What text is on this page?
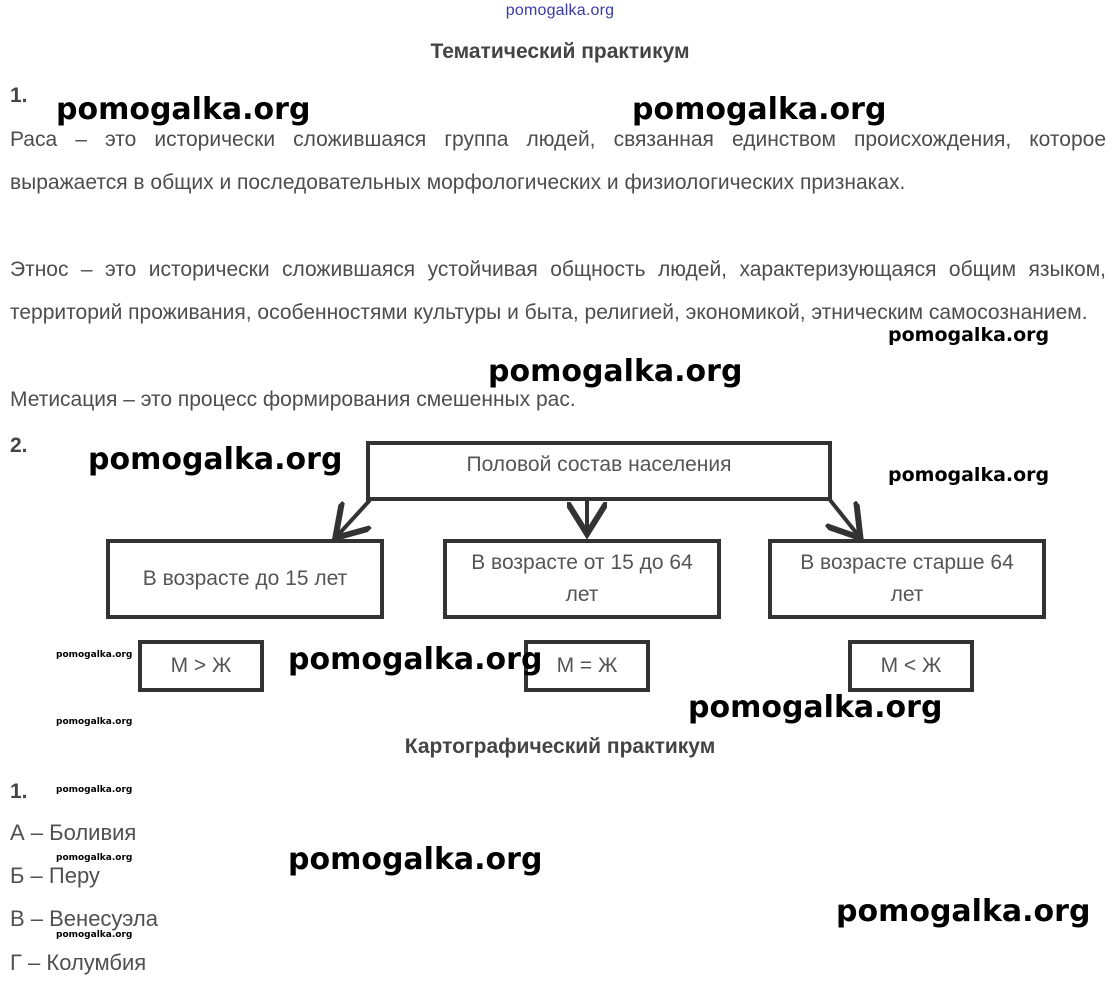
pomogalka.org
Тематический практикум
1.
Раса – это исторически сложившаяся группа людей, связанная единством происхождения, которое выражается в общих и последовательных морфологических и физиологических признаках.
Этнос – это исторически сложившаяся устойчивая общность людей, характеризующаяся общим языком, территорий проживания, особенностями культуры и быта, религией, экономикой, этническим самосознанием.
Метисация – это процесс формирования смешенных рас.
2.
Половой состав населения
В возрасте до 15 лет
В возрасте от 15 до 64 лет
В возрасте старше 64 лет
М > Ж	М = Ж	М < Ж
Картографический практикум
1.
А – Боливия
Б – Перу
В – Венесуэла
Г – Колумбия
pomogalka.org	pomogalka.org
pomogalka.org
pomogalka.org
pomogalka.org	pomogalka.org
pomogalka.org	pomogalka.org
pomogalka.org
pomogalka.org
pomogalka.org
pomogalka.org	pomogalka.org
pomogalka.org
pomogalka.org
